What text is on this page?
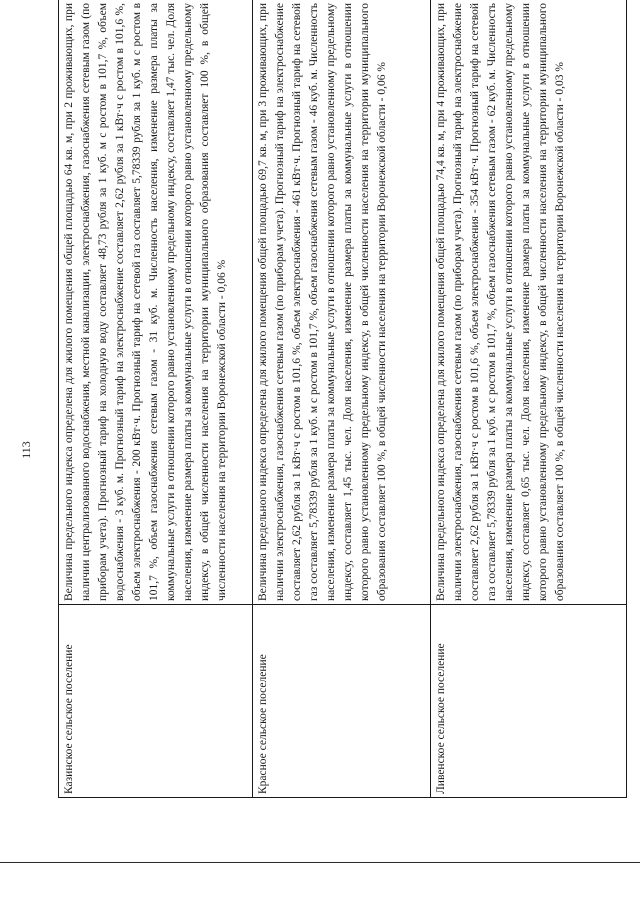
113
Казинское сельское поселение	Величина предельного индекса определена для жилого помещения общей площадью 64 кв. м, при 2 проживающих, при наличии централизованного водоснабжения, местной канализации, электроснабжения, газоснабжения сетевым газом (по приборам учета). Прогнозный тариф на холодную воду составляет 48,73 рубля за 1 куб. м с ростом в 101,7 %, объем водоснабжения - 3 куб. м. Прогнозный тариф на электроснабжение составляет 2,62 рубля за 1 кВт·ч с ростом в 101,6 %, объем электроснабжения - 200 кВт·ч. Прогнозный тариф на сетевой газ составляет 5,78339 рубля за 1 куб. м с ростом в 101,7 %, объем газоснабжения сетевым газом - 31 куб. м. Численность населения, изменение размера платы за коммунальные услуги в отношении которого равно установленному предельному индексу, составляет 1,47 тыс. чел. Доля населения, изменение размера платы за коммунальные услуги в отношении которого равно установленному предельному индексу, в общей численности населения на территории муниципального образования составляет 100 %, в общей численности населения на территории Воронежской области - 0,06 %
Красное сельское поселение	Величина предельного индекса определена для жилого помещения общей площадью 69,7 кв. м, при 3 проживающих, при наличии электроснабжения, газоснабжения сетевым газом (по приборам учета). Прогнозный тариф на электроснабжение составляет 2,62 рубля за 1 кВт·ч с ростом в 101,6 %, объем электроснабжения - 461 кВт·ч. Прогнозный тариф на сетевой газ составляет 5,78339 рубля за 1 куб. м с ростом в 101,7 %, объем газоснабжения сетевым газом - 46 куб. м. Численность населения, изменение размера платы за коммунальные услуги в отношении которого равно установленному предельному индексу, составляет 1,45 тыс. чел. Доля населения, изменение размера платы за коммунальные услуги в отношении которого равно установленному предельному индексу, в общей численности населения на территории муниципального образования составляет 100 %, в общей численности населения на территории Воронежской области - 0,06 %
Ливенское сельское поселение	Величина предельного индекса определена для жилого помещения общей площадью 74,4 кв. м, при 4 проживающих, при наличии электроснабжения, газоснабжения сетевым газом (по приборам учета). Прогнозный тариф на электроснабжение составляет 2,62 рубля за 1 кВт·ч с ростом в 101,6 %, объем электроснабжения - 354 кВт·ч. Прогнозный тариф на сетевой газ составляет 5,78339 рубля за 1 куб. м с ростом в 101,7 %, объем газоснабжения сетевым газом - 62 куб. м. Численность населения, изменение размера платы за коммунальные услуги в отношении которого равно установленному предельному индексу, составляет 0,65 тыс. чел. Доля населения, изменение размера платы за коммунальные услуги в отношении которого равно установленному предельному индексу, в общей численности населения на территории муниципального образования составляет 100 %, в общей численности населения на территории Воронежской области - 0,03 %
